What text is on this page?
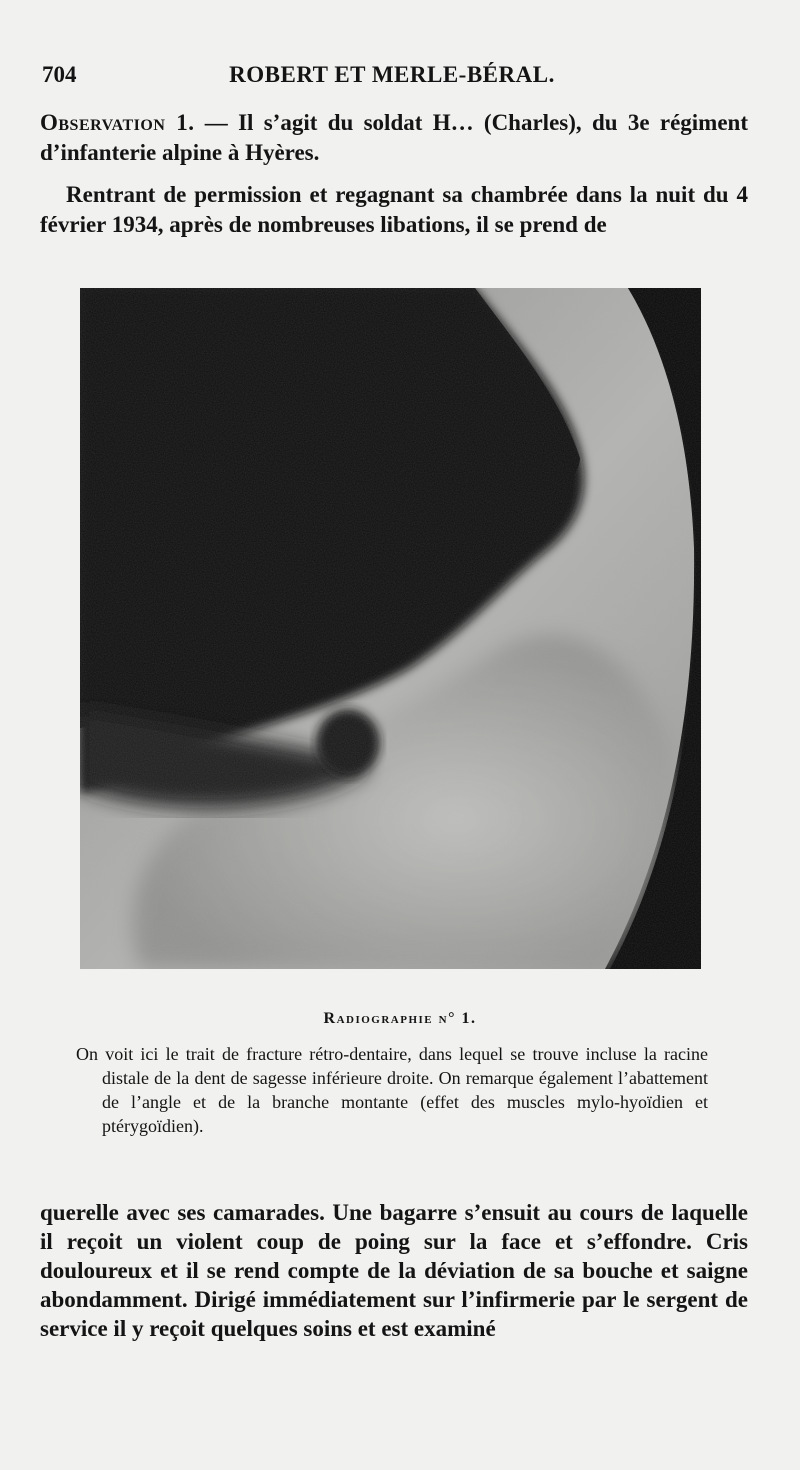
704	ROBERT ET MERLE-BÉRAL.
Observation 1. — Il s’agit du soldat H… (Charles), du 3e régiment d’infanterie alpine à Hyères.
Rentrant de permission et regagnant sa chambrée dans la nuit du 4 février 1934, après de nombreuses libations, il se prend de
Radiographie n° 1.
On voit ici le trait de fracture rétro-dentaire, dans lequel se trouve incluse la racine distale de la dent de sagesse inférieure droite. On remarque également l’abattement de l’angle et de la branche montante (effet des muscles mylo-hyoïdien et ptérygoïdien).
querelle avec ses camarades. Une bagarre s’ensuit au cours de laquelle il reçoit un violent coup de poing sur la face et s’effondre. Cris douloureux et il se rend compte de la déviation de sa bouche et saigne abondamment. Dirigé immédiatement sur l’infirmerie par le sergent de service il y reçoit quelques soins et est examiné
